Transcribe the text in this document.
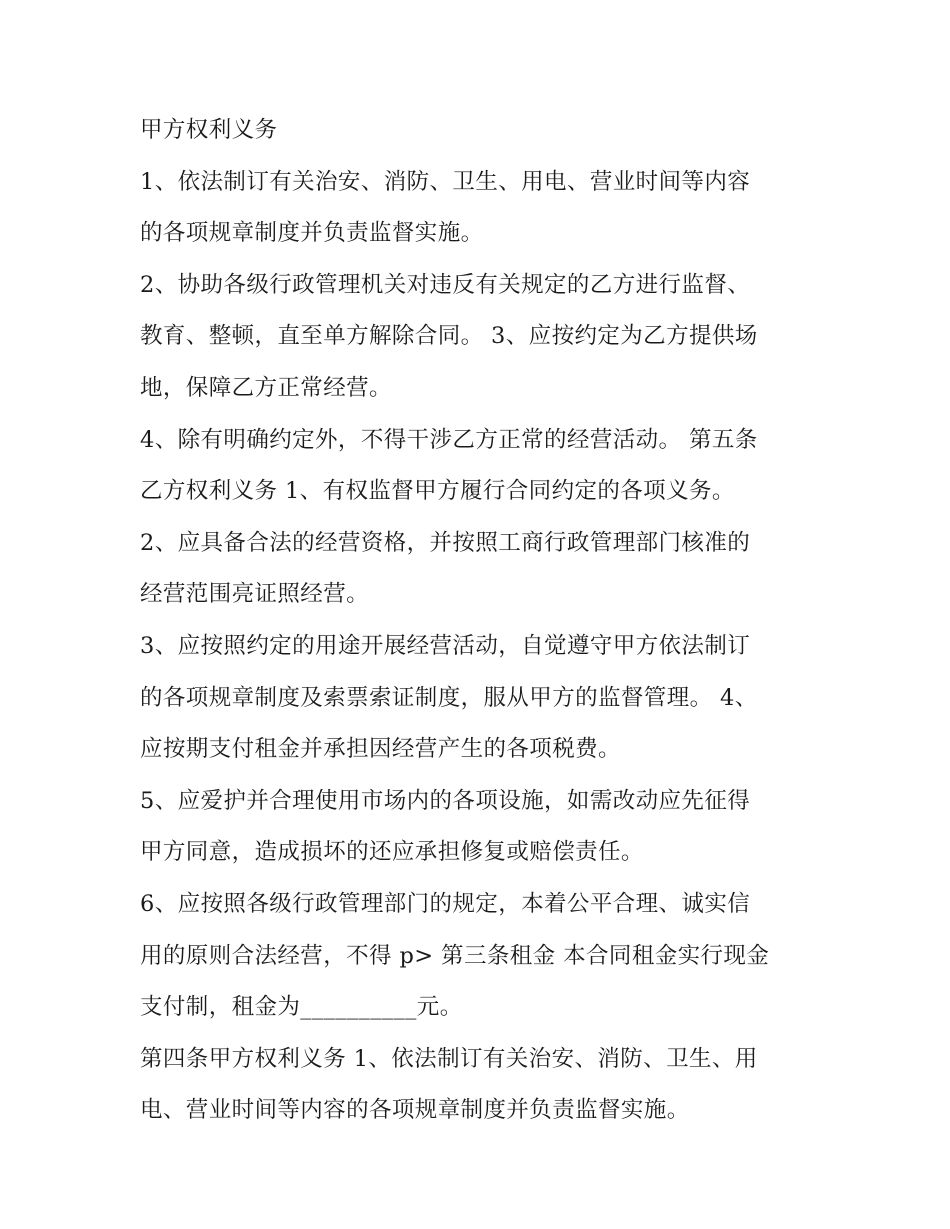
甲方权利义务
1、依法制订有关治安、消防、卫生、用电、营业时间等内容
的各项规章制度并负责监督实施。
2、协助各级行政管理机关对违反有关规定的乙方进行监督、
教育、整顿，直至单方解除合同。 3、应按约定为乙方提供场
地，保障乙方正常经营。
4、除有明确约定外，不得干涉乙方正常的经营活动。 第五条
乙方权利义务 1、有权监督甲方履行合同约定的各项义务。
2、应具备合法的经营资格，并按照工商行政管理部门核准的
经营范围亮证照经营。
3、应按照约定的用途开展经营活动，自觉遵守甲方依法制订
的各项规章制度及索票索证制度，服从甲方的监督管理。 4、
应按期支付租金并承担因经营产生的各项税费。
5、应爱护并合理使用市场内的各项设施，如需改动应先征得
甲方同意，造成损坏的还应承担修复或赔偿责任。
6、应按照各级行政管理部门的规定，本着公平合理、诚实信
用的原则合法经营，不得 p> 第三条租金 本合同租金实行现金
支付制，租金为__________元。
第四条甲方权利义务 1、依法制订有关治安、消防、卫生、用
电、营业时间等内容的各项规章制度并负责监督实施。
